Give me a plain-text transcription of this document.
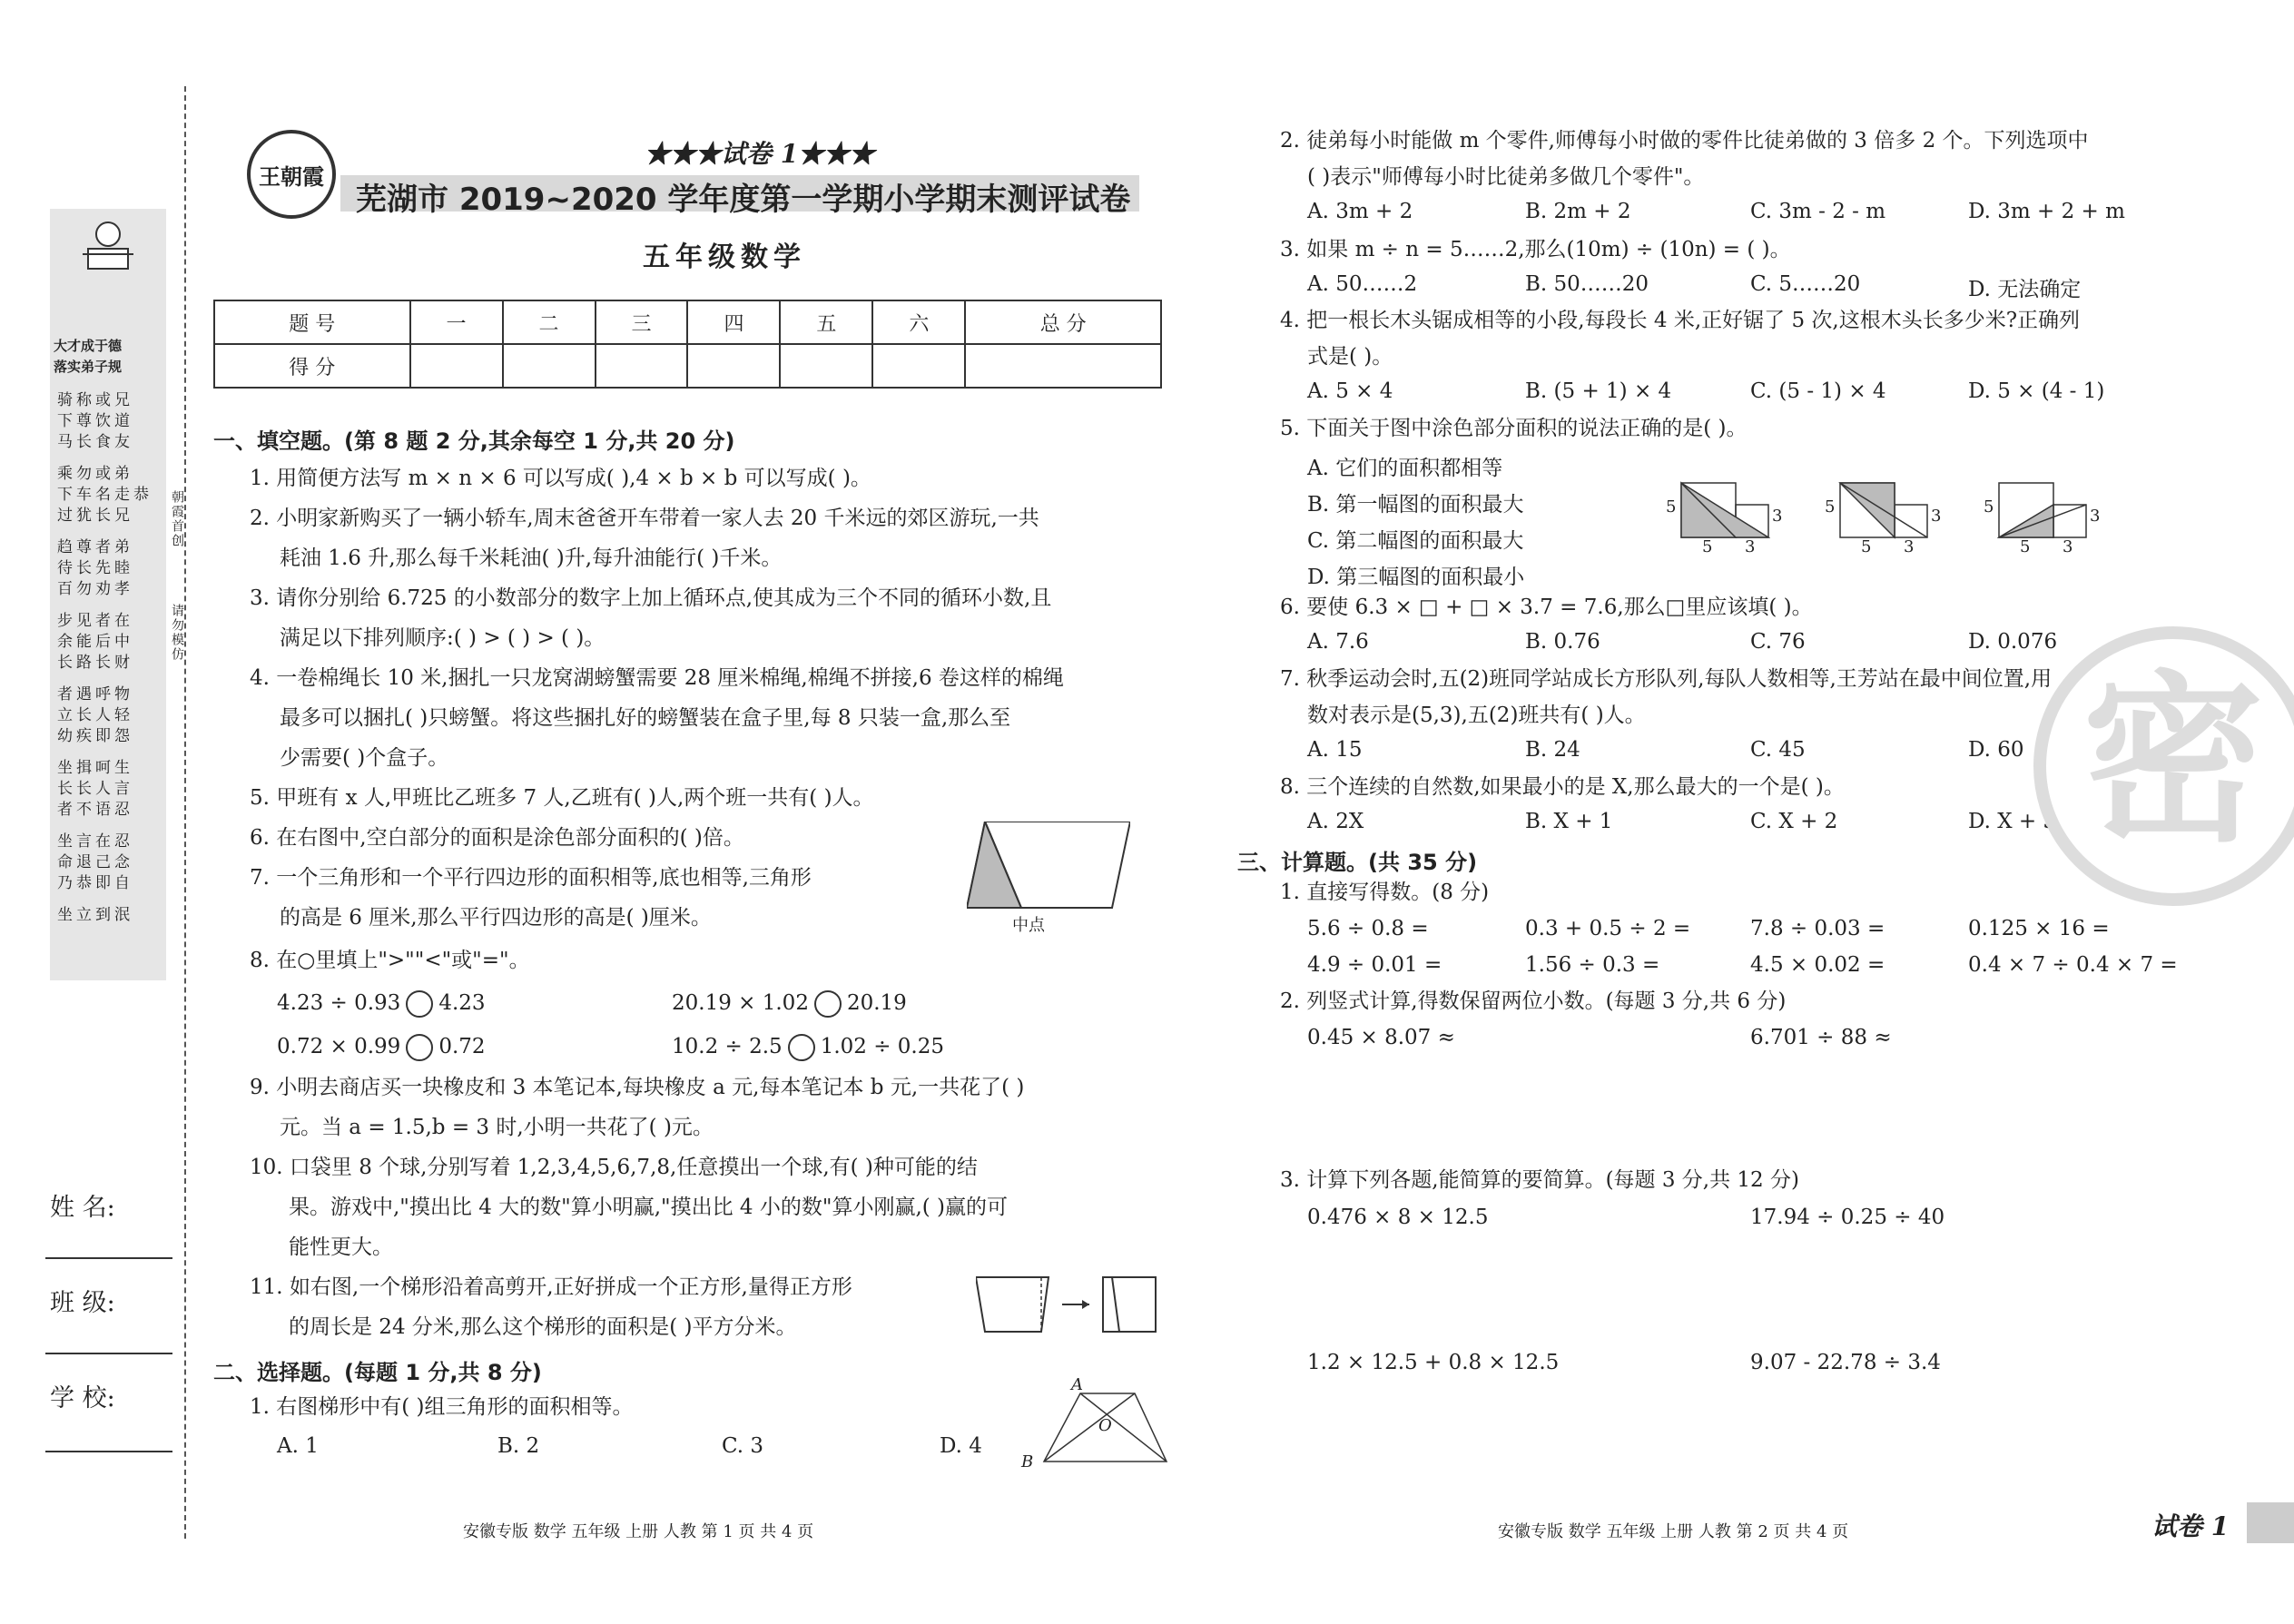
大才成于德
落实弟子规
骑称或兄
下尊饮道
马长食友
乘勿或弟
下车名走恭
过犹长兄
趋尊者弟
待长先睦
百勿劝孝
步见者在
余能后中
长路长财
者遇呼物
立长人轻
幼疾即怨
坐揖呵生
长长人言
者不语忍
坐言在忍
命退己念
乃恭即自
坐立到泯
朝霞首创
请勿模仿
姓 名:
班 级:
学 校:
王朝霞
★★★试卷 1★★★
芜湖市 2019~2020 学年度第一学期小学期末测评试卷
五年级数学
题 号	一	二	三	四	五	六	总 分
得 分							
一、填空题。(第 8 题 2 分,其余每空 1 分,共 20 分)
1. 用简便方法写 m × n × 6 可以写成( ),4 × b × b 可以写成( )。
2. 小明家新购买了一辆小轿车,周末爸爸开车带着一家人去 20 千米远的郊区游玩,一共
耗油 1.6 升,那么每千米耗油( )升,每升油能行( )千米。
3. 请你分别给 6.725 的小数部分的数字上加上循环点,使其成为三个不同的循环小数,且
满足以下排列顺序:( ) > ( ) > ( )。
4. 一卷棉绳长 10 米,捆扎一只龙窝湖螃蟹需要 28 厘米棉绳,棉绳不拼接,6 卷这样的棉绳
最多可以捆扎( )只螃蟹。将这些捆扎好的螃蟹装在盒子里,每 8 只装一盒,那么至
少需要( )个盒子。
5. 甲班有 x 人,甲班比乙班多 7 人,乙班有( )人,两个班一共有( )人。
6. 在右图中,空白部分的面积是涂色部分面积的( )倍。
7. 一个三角形和一个平行四边形的面积相等,底也相等,三角形
的高是 6 厘米,那么平行四边形的高是( )厘米。	中点
8. 在○里填上">""<"或"="。
4.23 ÷ 0.93 4.23	20.19 × 1.02 20.19
0.72 × 0.99 0.72	10.2 ÷ 2.5 1.02 ÷ 0.25
9. 小明去商店买一块橡皮和 3 本笔记本,每块橡皮 a 元,每本笔记本 b 元,一共花了( )
元。当 a = 1.5,b = 3 时,小明一共花了( )元。
10. 口袋里 8 个球,分别写着 1,2,3,4,5,6,7,8,任意摸出一个球,有( )种可能的结
果。游戏中,"摸出比 4 大的数"算小明赢,"摸出比 4 小的数"算小刚赢,( )赢的可
能性更大。
11. 如右图,一个梯形沿着高剪开,正好拼成一个正方形,量得正方形
的周长是 24 分米,那么这个梯形的面积是( )平方分米。
二、选择题。(每题 1 分,共 8 分)
1. 右图梯形中有( )组三角形的面积相等。
A. 1	B. 2	C. 3	D. 4
A
O
B
安徽专版 数学 五年级 上册 人教 第 1 页 共 4 页
2. 徒弟每小时能做 m 个零件,师傅每小时做的零件比徒弟做的 3 倍多 2 个。下列选项中
( )表示"师傅每小时比徒弟多做几个零件"。
A. 3m + 2	B. 2m + 2	C. 3m - 2 - m	D. 3m + 2 + m
3. 如果 m ÷ n = 5……2,那么(10m) ÷ (10n) = ( )。
A. 50……2	B. 50……20	C. 5……20	D. 无法确定
4. 把一根长木头锯成相等的小段,每段长 4 米,正好锯了 5 次,这根木头长多少米?正确列
式是( )。
A. 5 × 4	B. (5 + 1) × 4	C. (5 - 1) × 4	D. 5 × (4 - 1)
5. 下面关于图中涂色部分面积的说法正确的是( )。
A. 它们的面积都相等
B. 第一幅图的面积最大
C. 第二幅图的面积最大
D. 第三幅图的面积最小
5	3
5 3
5	3
5 3
5	3
5 3
6. 要使 6.3 × □ + □ × 3.7 = 7.6,那么□里应该填( )。
A. 7.6	B. 0.76	C. 76	D. 0.076
7. 秋季运动会时,五(2)班同学站成长方形队列,每队人数相等,王芳站在最中间位置,用
数对表示是(5,3),五(2)班共有( )人。
A. 15	B. 24	C. 45	D. 60
8. 三个连续的自然数,如果最小的是 X,那么最大的一个是( )。
A. 2X	B. X + 1	C. X + 2	D. X + 3
三、计算题。(共 35 分)
1. 直接写得数。(8 分)
5.6 ÷ 0.8 =	0.3 + 0.5 ÷ 2 =	7.8 ÷ 0.03 =	0.125 × 16 =
4.9 ÷ 0.01 =	1.56 ÷ 0.3 =	4.5 × 0.02 =	0.4 × 7 ÷ 0.4 × 7 =
2. 列竖式计算,得数保留两位小数。(每题 3 分,共 6 分)
0.45 × 8.07 ≈	6.701 ÷ 88 ≈
3. 计算下列各题,能简算的要简算。(每题 3 分,共 12 分)
0.476 × 8 × 12.5	17.94 ÷ 0.25 ÷ 40
1.2 × 12.5 + 0.8 × 12.5	9.07 - 22.78 ÷ 3.4
密
安徽专版 数学 五年级 上册 人教 第 2 页 共 4 页	试卷 1
